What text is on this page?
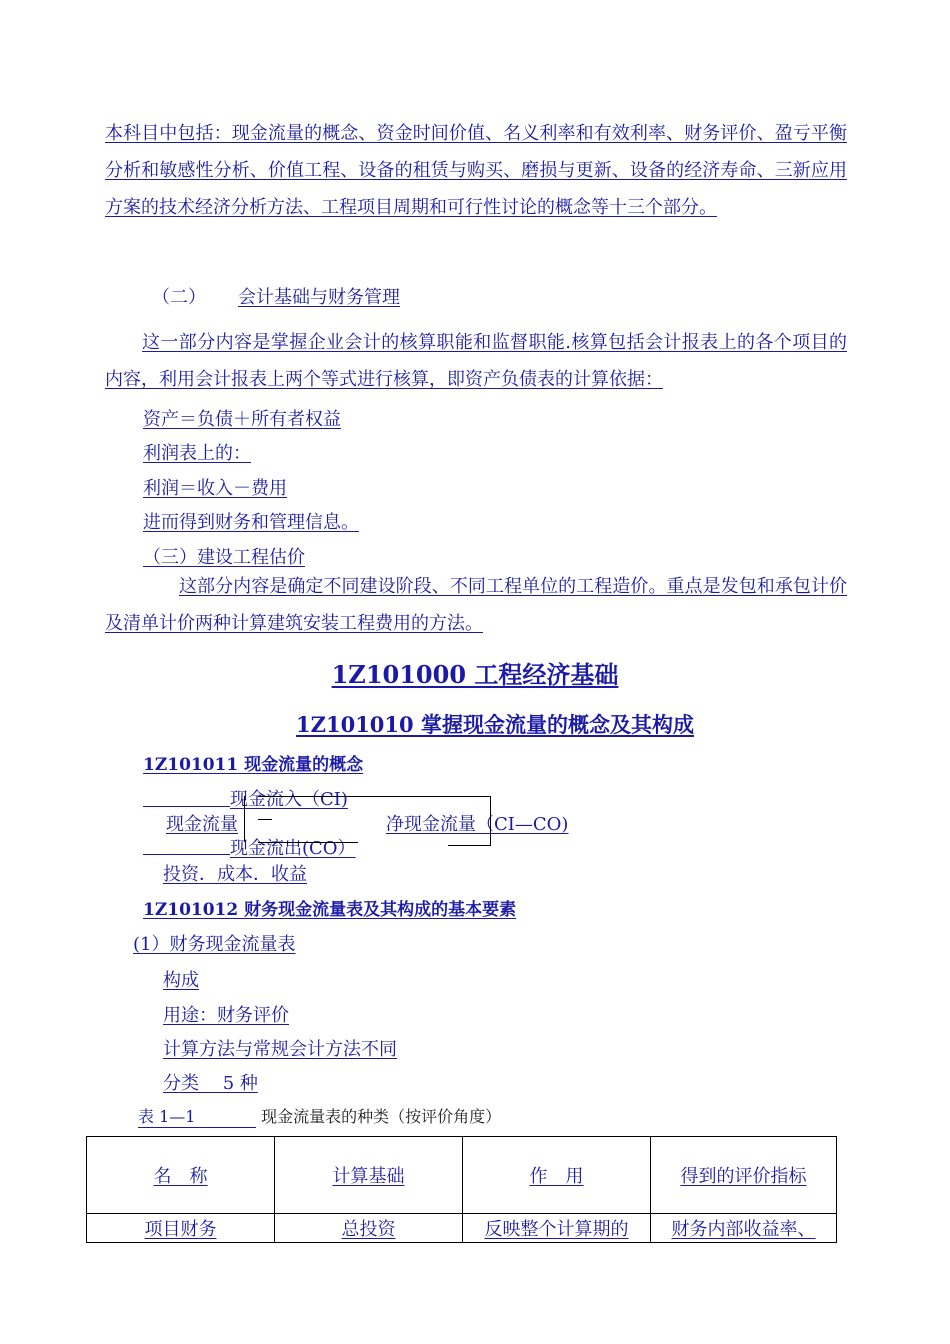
本科目中包括：现金流量的概念、资金时间价值、名义利率和有效利率、财务评价、盈亏平衡分析和敏感性分析、价值工程、设备的租赁与购买、磨损与更新、设备的经济寿命、三新应用方案的技术经济分析方法、工程项目周期和可行性讨论的概念等十三个部分。
（二） 会计基础与财务管理
这一部分内容是掌握企业会计的核算职能和监督职能.核算包括会计报表上的各个项目的内容，利用会计报表上两个等式进行核算，即资产负债表的计算依据：
资产＝负债＋所有者权益
利润表上的：
利润＝收入－费用
进而得到财务和管理信息。
（三）建设工程估价
这部分内容是确定不同建设阶段、不同工程单位的工程造价。重点是发包和承包计价及清单计价两种计算建筑安装工程费用的方法。
1Z101000 工程经济基础
1Z101010 掌握现金流量的概念及其构成
1Z101011 现金流量的概念
现金流入（CI)
现金流量	净现金流量（CI—CO)
现金流出(CO）
投资．成本．收益
1Z101012 财务现金流量表及其构成的基本要素
(1）财务现金流量表
构成
用途：财务评价
计算方法与常规会计方法不同
分类　 5 种
表 1—1	现金流量表的种类（按评价角度）
名　称	计算基础	作　用	得到的评价指标
项目财务	总投资	反映整个计算期的	财务内部收益率、
